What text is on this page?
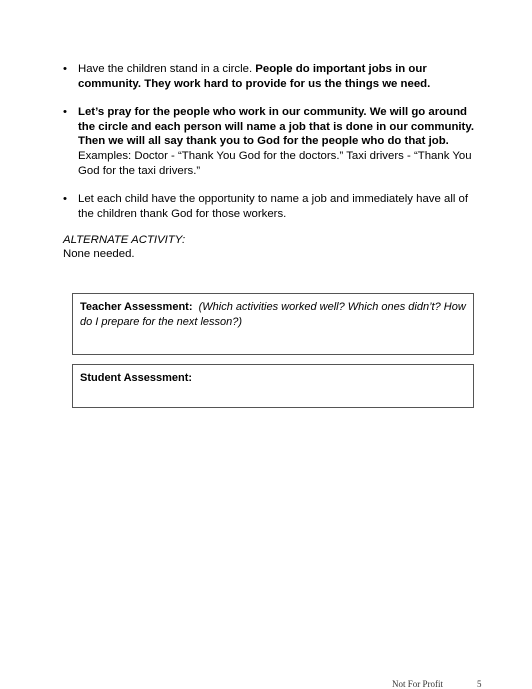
• Have the children stand in a circle. People do important jobs in our community. They work hard to provide for us the things we need.
• Let’s pray for the people who work in our community. We will go around the circle and each person will name a job that is done in our community. Then we will all say thank you to God for the people who do that job. Examples: Doctor - “Thank You God for the doctors.” Taxi drivers - “Thank You God for the taxi drivers.”
• Let each child have the opportunity to name a job and immediately have all of the children thank God for those workers.
ALTERNATE ACTIVITY:
None needed.
Teacher Assessment: (Which activities worked well? Which ones didn’t? How do I prepare for the next lesson?)
Student Assessment:
Not For Profit	5
